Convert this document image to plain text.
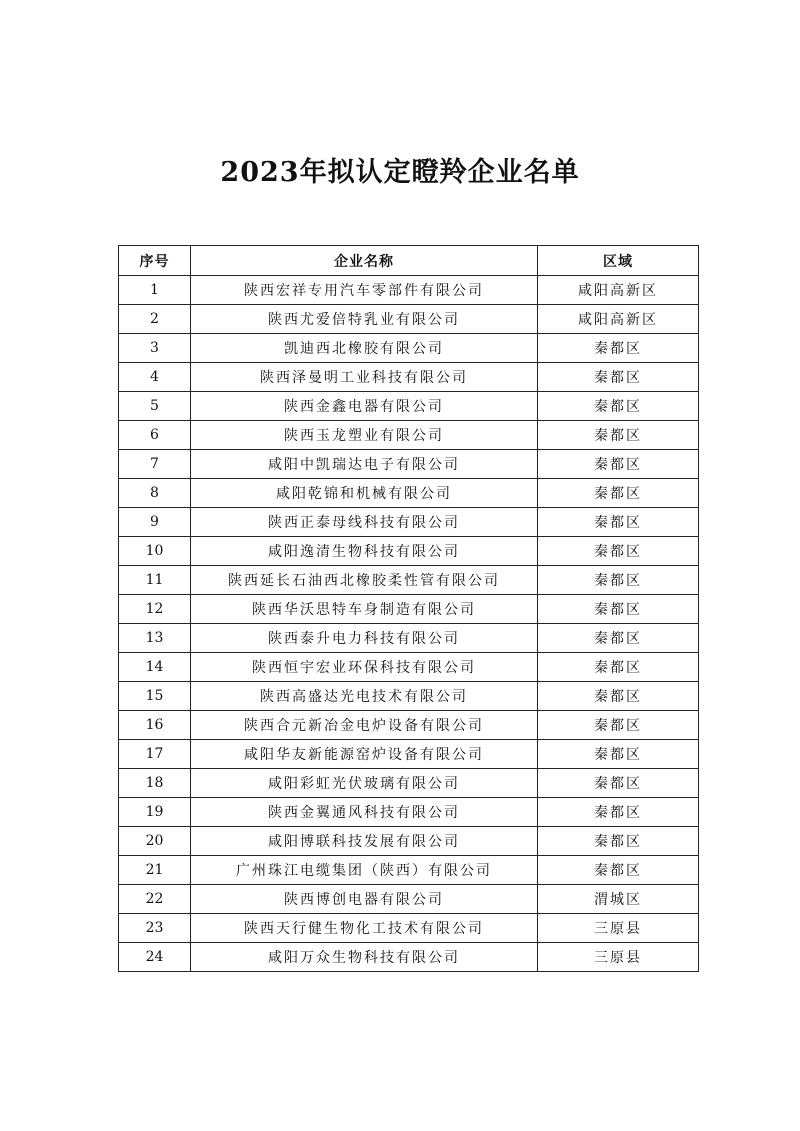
2023年拟认定瞪羚企业名单
序号	企业名称	区域
1	陕西宏祥专用汽车零部件有限公司	咸阳高新区
2	陕西尤爱倍特乳业有限公司	咸阳高新区
3	凯迪西北橡胶有限公司	秦都区
4	陕西泽曼明工业科技有限公司	秦都区
5	陕西金鑫电器有限公司	秦都区
6	陕西玉龙塑业有限公司	秦都区
7	咸阳中凯瑞达电子有限公司	秦都区
8	咸阳乾锦和机械有限公司	秦都区
9	陕西正泰母线科技有限公司	秦都区
10	咸阳逸清生物科技有限公司	秦都区
11	陕西延长石油西北橡胶柔性管有限公司	秦都区
12	陕西华沃思特车身制造有限公司	秦都区
13	陕西泰升电力科技有限公司	秦都区
14	陕西恒宇宏业环保科技有限公司	秦都区
15	陕西高盛达光电技术有限公司	秦都区
16	陕西合元新冶金电炉设备有限公司	秦都区
17	咸阳华友新能源窑炉设备有限公司	秦都区
18	咸阳彩虹光伏玻璃有限公司	秦都区
19	陕西金翼通风科技有限公司	秦都区
20	咸阳博联科技发展有限公司	秦都区
21	广州珠江电缆集团（陕西）有限公司	秦都区
22	陕西博创电器有限公司	渭城区
23	陕西天行健生物化工技术有限公司	三原县
24	咸阳万众生物科技有限公司	三原县
